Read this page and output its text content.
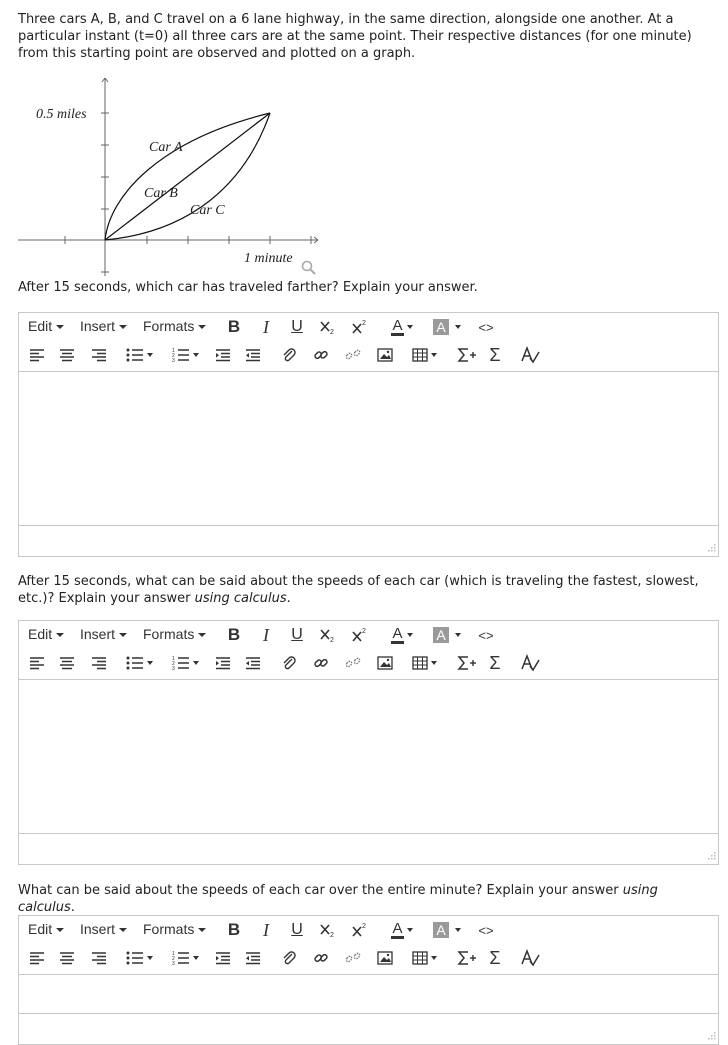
Three cars A, B, and C travel on a 6 lane highway, in the same direction, alongside one another. At a particular instant (t=0) all three cars are at the same point. Their respective distances (for one minute) from this starting point are observed and plotted on a graph.
0.5 miles
1 minute
Car A
Car B
Car C
After 15 seconds, which car has traveled farther? Explain your answer.
Edit	Insert	Formats	B	I	U	2
2 A A	<>
1
2
3	Σ
After 15 seconds, what can be said about the speeds of each car (which is traveling the fastest, slowest, etc.)? Explain your answer using calculus.
Edit	Insert	Formats	B	I	U	2
2 A A	<>
1
2
3	Σ
What can be said about the speeds of each car over the entire minute? Explain your answer using calculus.
Edit	Insert	Formats	B	I	U	2
2 A A	<>
1
2
3	Σ
